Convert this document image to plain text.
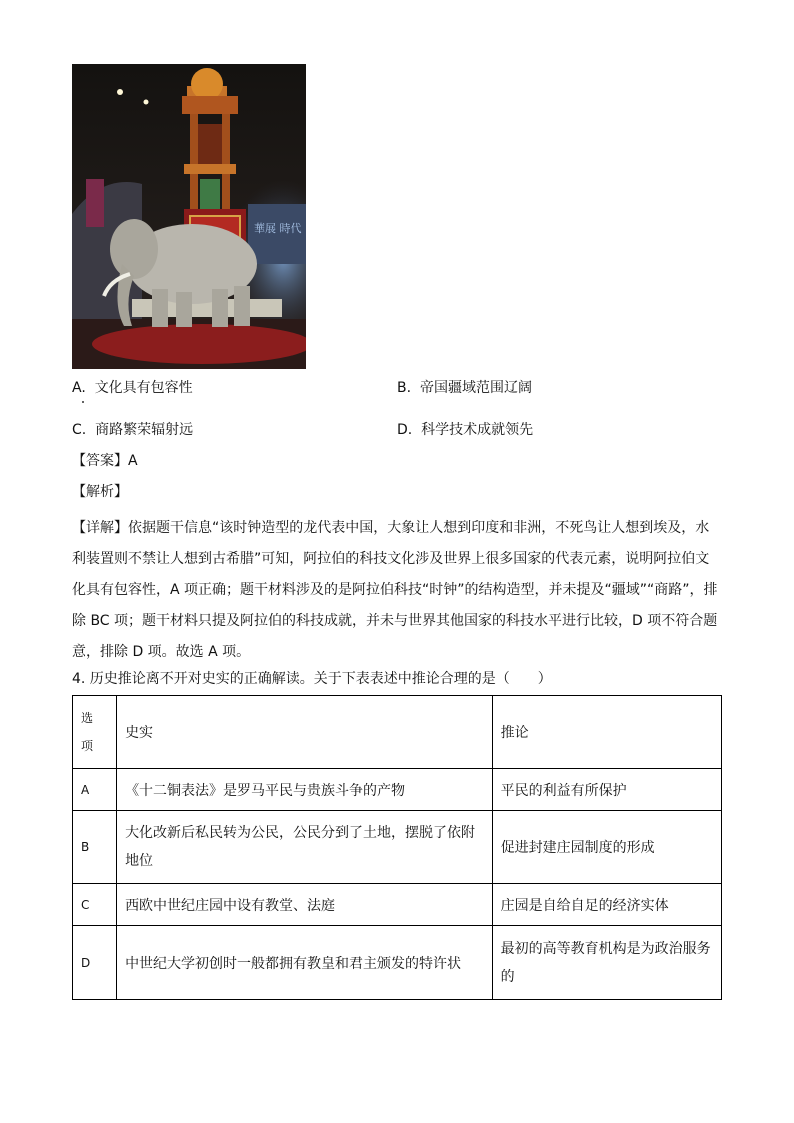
華展 時代
A. 文化具有包容性	B. 帝国疆域范围辽阔
C. 商路繁荣辐射远	D. 科学技术成就领先
【答案】A
【解析】
【详解】依据题干信息“该时钟造型的龙代表中国，大象让人想到印度和非洲，不死鸟让人想到埃及，水
利装置则不禁让人想到古希腊”可知，阿拉伯的科技文化涉及世界上很多国家的代表元素，说明阿拉伯文
化具有包容性，A 项正确；题干材料涉及的是阿拉伯科技“时钟”的结构造型，并未提及“疆域”“商路”，排
除 BC 项；题干材料只提及阿拉伯的科技成就，并未与世界其他国家的科技水平进行比较，D 项不符合题
意，排除 D 项。故选 A 项。
4. 历史推论离不开对史实的正确解读。关于下表表述中推论合理的是（　　）
选
项	史实	推论
A	《十二铜表法》是罗马平民与贵族斗争的产物	平民的利益有所保护
B	大化改新后私民转为公民，公民分到了土地，摆脱了依附
地位	促进封建庄园制度的形成
C	西欧中世纪庄园中设有教堂、法庭	庄园是自给自足的经济实体
D	中世纪大学初创时一般都拥有教皇和君主颁发的特许状	最初的高等教育机构是为政治服务
的
